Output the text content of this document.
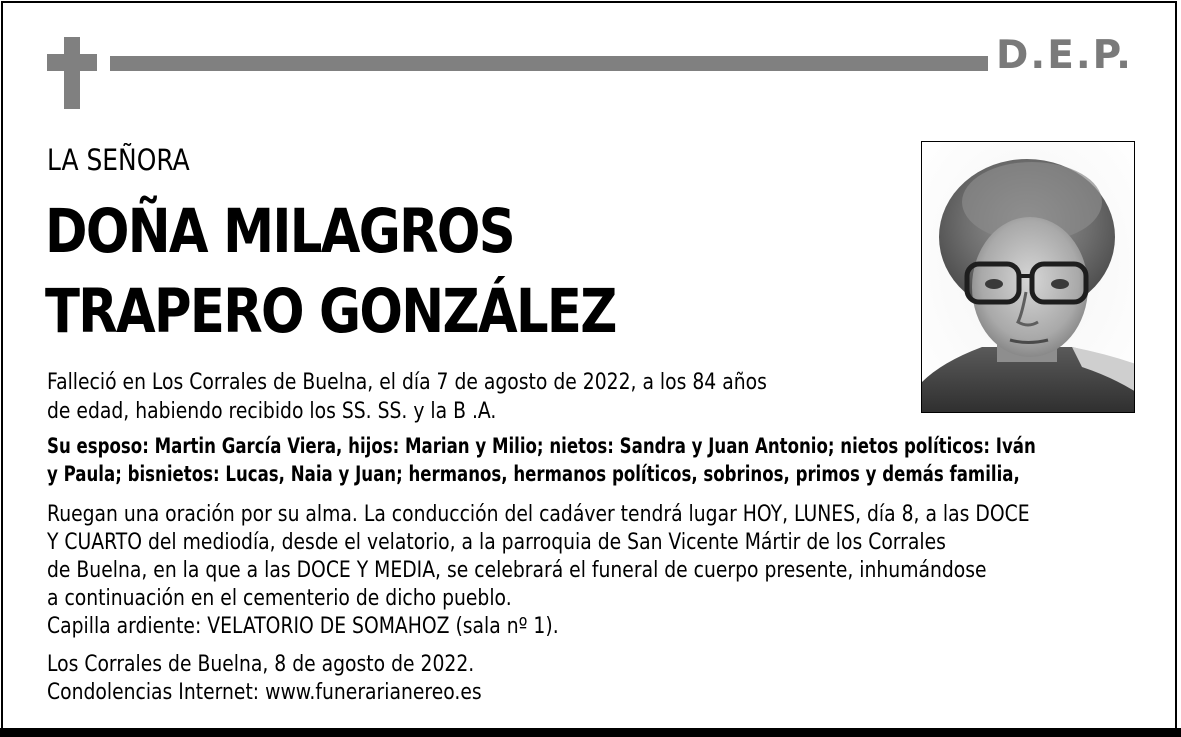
D.E.P.
LA SEÑORA
DOÑA MILAGROS
TRAPERO GONZÁLEZ
Falleció en Los Corrales de Buelna, el día 7 de agosto de 2022, a los 84 años
de edad, habiendo recibido los SS. SS. y la B .A.
Su esposo: Martin García Viera, hijos: Marian y Milio; nietos: Sandra y Juan Antonio; nietos políticos: Iván
y Paula; bisnietos: Lucas, Naia y Juan; hermanos, hermanos políticos, sobrinos, primos y demás familia,
Ruegan una oración por su alma. La conducción del cadáver tendrá lugar HOY, LUNES, día 8, a las DOCE
Y CUARTO del mediodía, desde el velatorio, a la parroquia de San Vicente Mártir de los Corrales
de Buelna, en la que a las DOCE Y MEDIA, se celebrará el funeral de cuerpo presente, inhumándose
a continuación en el cementerio de dicho pueblo.
Capilla ardiente: VELATORIO DE SOMAHOZ (sala nº 1).
Los Corrales de Buelna, 8 de agosto de 2022.
Condolencias Internet: www.funerarianereo.es
